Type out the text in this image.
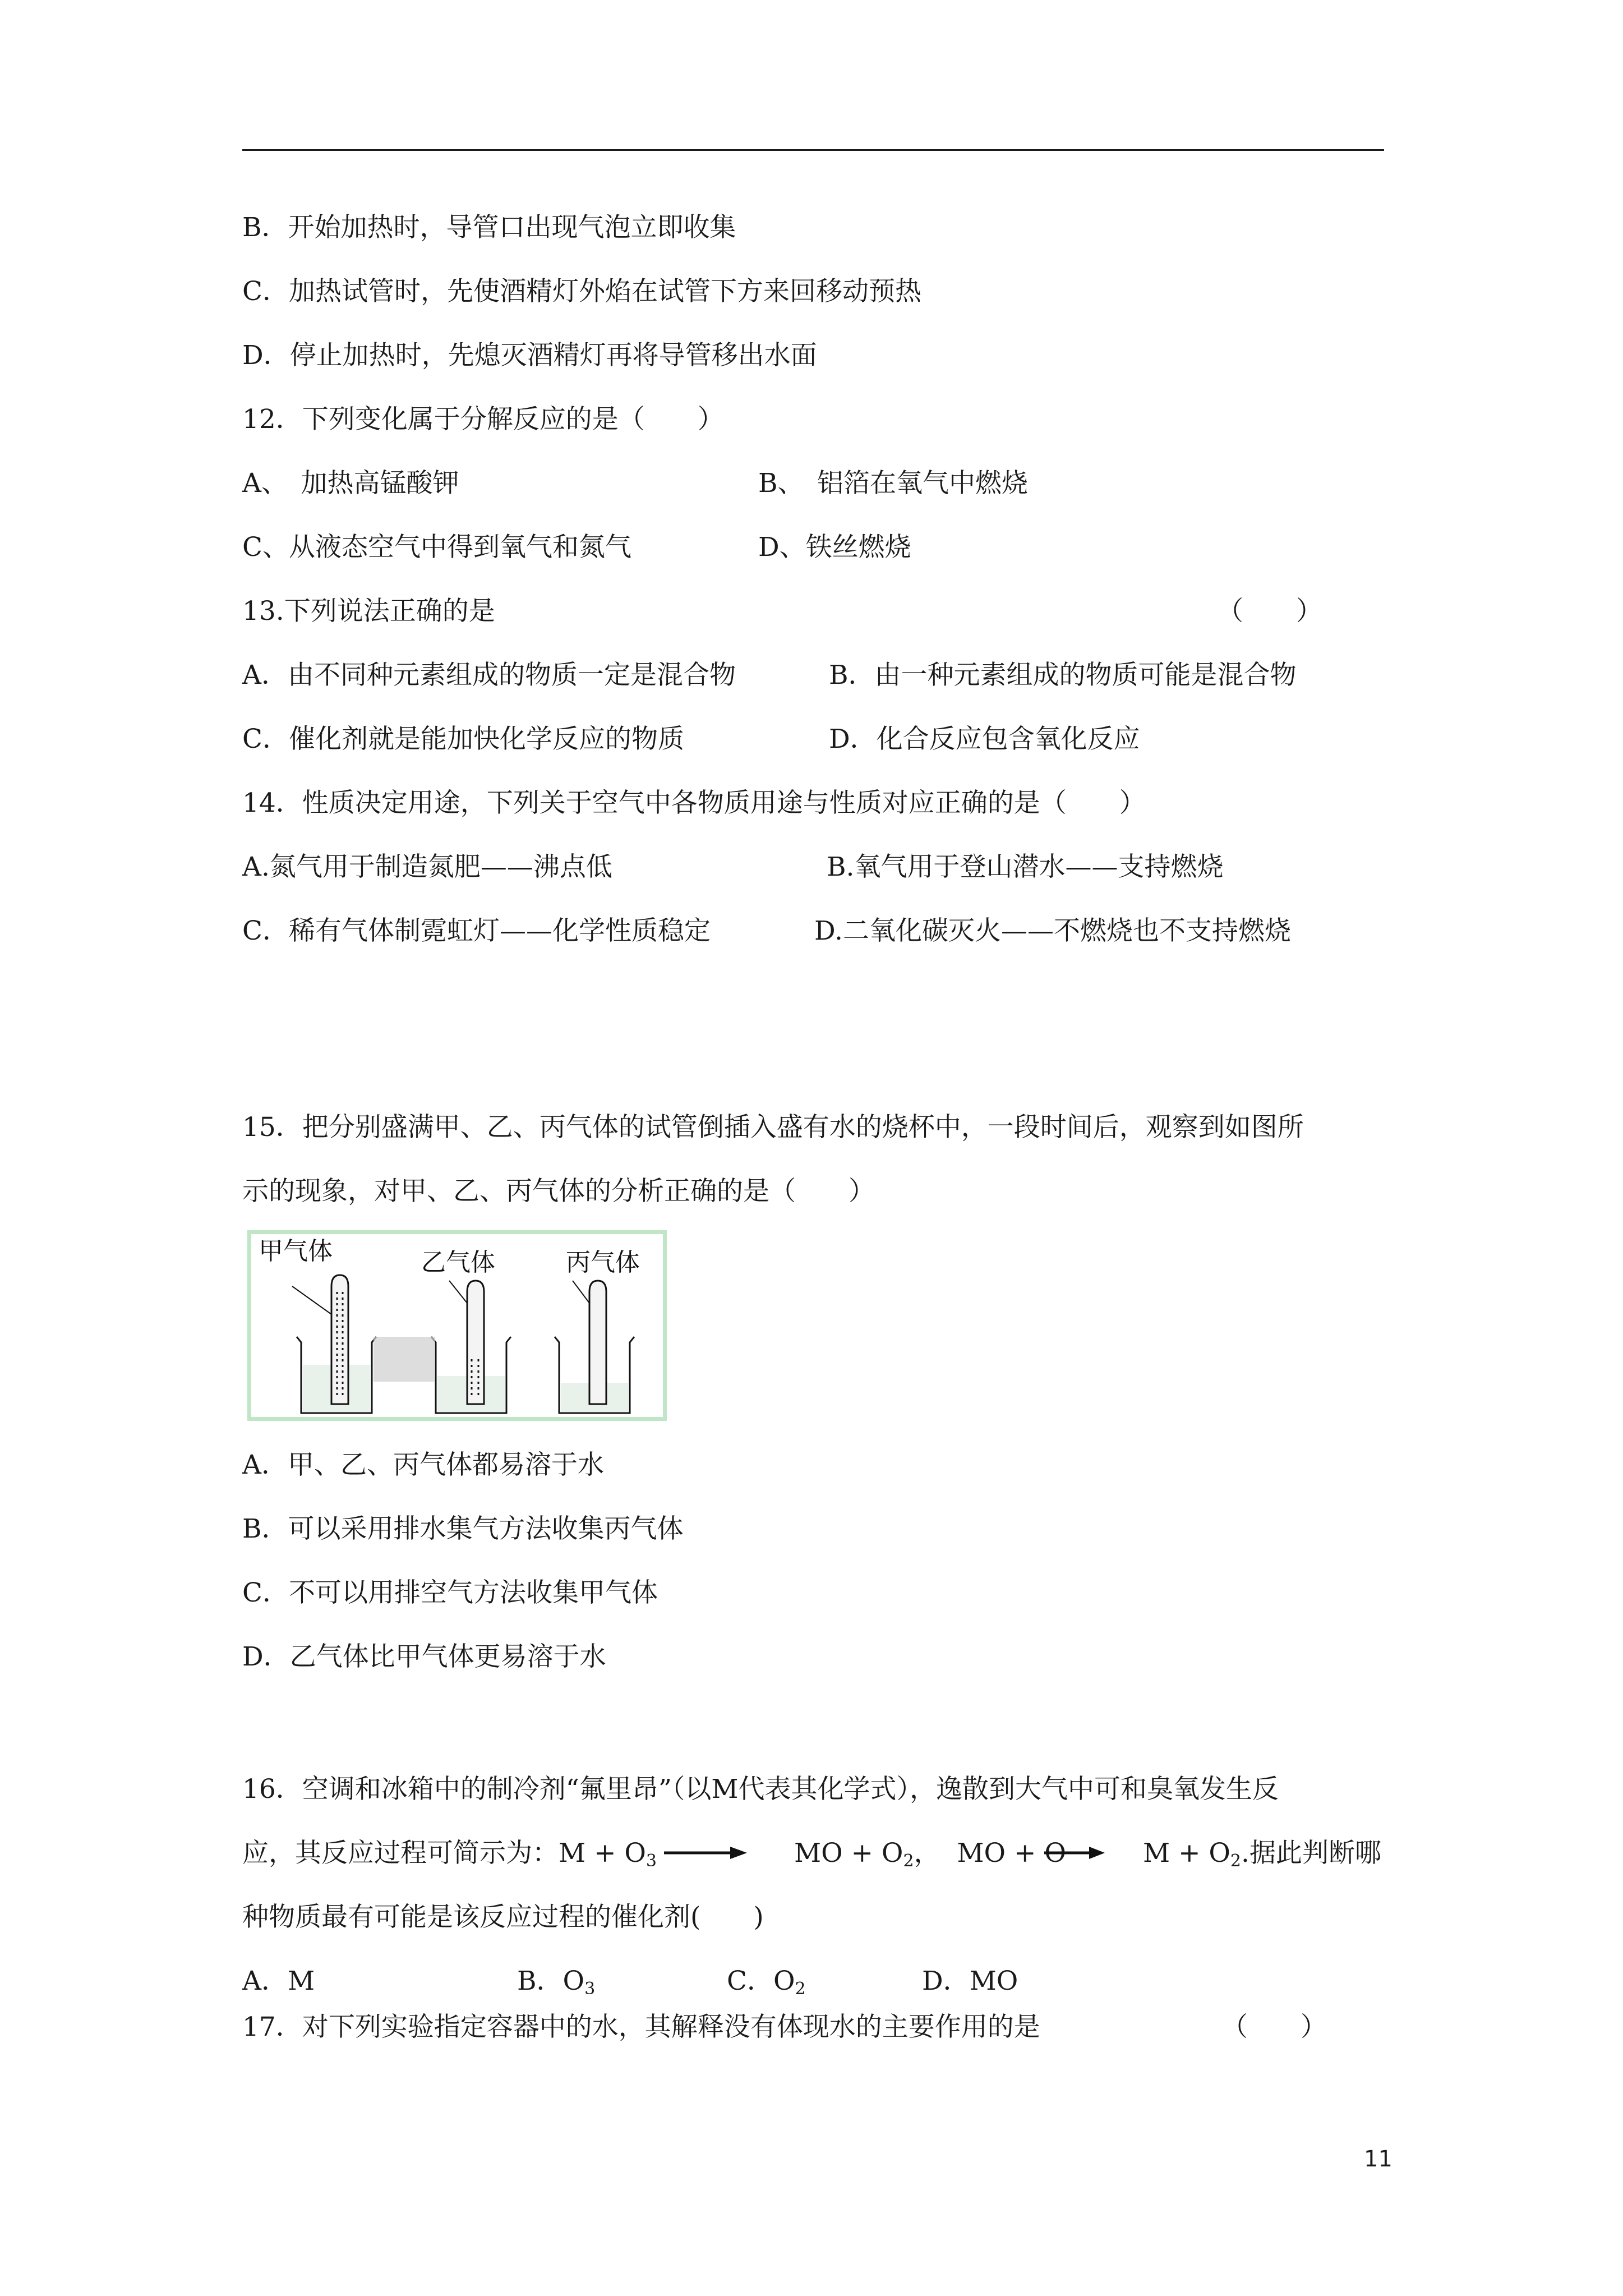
B．开始加热时，导管口出现气泡立即收集
C．加热试管时，先使酒精灯外焰在试管下方来回移动预热
D．停止加热时，先熄灭酒精灯再将导管移出水面
12．下列变化属于分解反应的是（　　）
A、　加热高锰酸钾	B、　铝箔在氧气中燃烧
C、从液态空气中得到氧气和氮气	D、铁丝燃烧
13.下列说法正确的是	（　　）
A．由不同种元素组成的物质一定是混合物	B．由一种元素组成的物质可能是混合物
C．催化剂就是能加快化学反应的物质	D．化合反应包含氧化反应
14．性质决定用途，下列关于空气中各物质用途与性质对应正确的是（　　）
A.氮气用于制造氮肥——沸点低	B.氧气用于登山潜水——支持燃烧
C．稀有气体制霓虹灯——化学性质稳定	D.二氧化碳灭火——不燃烧也不支持燃烧
15．把分别盛满甲、乙、丙气体的试管倒插入盛有水的烧杯中，一段时间后，观察到如图所
示的现象，对甲、乙、丙气体的分析正确的是（　　）
甲气体	乙气体	丙气体
A．甲、乙、丙气体都易溶于水
B．可以采用排水集气方法收集丙气体
C．不可以用排空气方法收集甲气体
D．乙气体比甲气体更易溶于水
16．空调和冰箱中的制冷剂“氟里昂”（以M代表其化学式），逸散到大气中可和臭氧发生反
应，其反应过程可简示为：$M + O_3$	MO + $O_2$，  MO + O	$M + O_2$.据此判断哪
种物质最有可能是该反应过程的催化剂(　　)
A．M	B．$O_3$	C．$O_2$	D．MO
17．对下列实验指定容器中的水，其解释没有体现水的主要作用的是	（　　）
11
